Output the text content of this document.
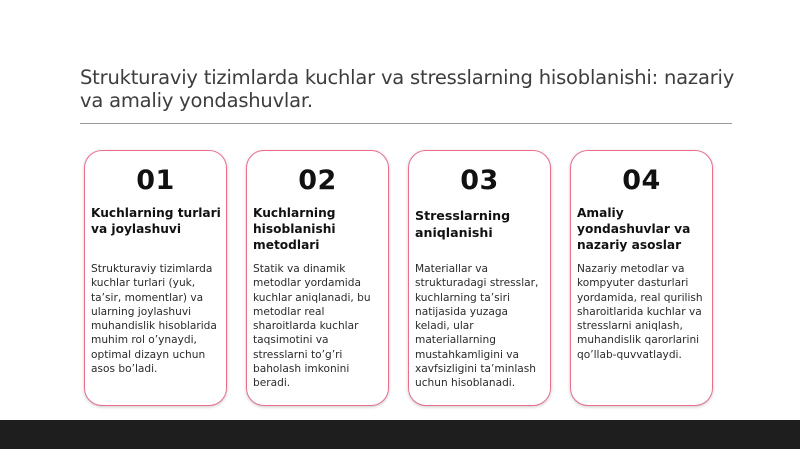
Strukturaviy tizimlarda kuchlar va stresslarning hisoblanishi: nazariy va amaliy yondashuvlar.
01

Kuchlarning turlari va joylashuvi

Strukturaviy tizimlarda kuchlar turlari (yuk, ta’sir, momentlar) va ularning joylashuvi muhandislik hisoblarida muhim rol o’ynaydi, optimal dizayn uchun asos bo’ladi.

02

Kuchlarning hisoblanishi metodlari

Statik va dinamik metodlar yordamida kuchlar aniqlanadi, bu metodlar real sharoitlarda kuchlar taqsimotini va stresslarni to’g’ri baholash imkonini beradi.

03

Stresslarning aniqlanishi

Materiallar va strukturadagi stresslar, kuchlarning ta’siri natijasida yuzaga keladi, ular materiallarning mustahkamligini va xavfsizligini ta’minlash uchun hisoblanadi.

04

Amaliy yondashuvlar va nazariy asoslar

Nazariy metodlar va kompyuter dasturlari yordamida, real qurilish sharoitlarida kuchlar va stresslarni aniqlash, muhandislik qarorlarini qo’llab-quvvatlaydi.
